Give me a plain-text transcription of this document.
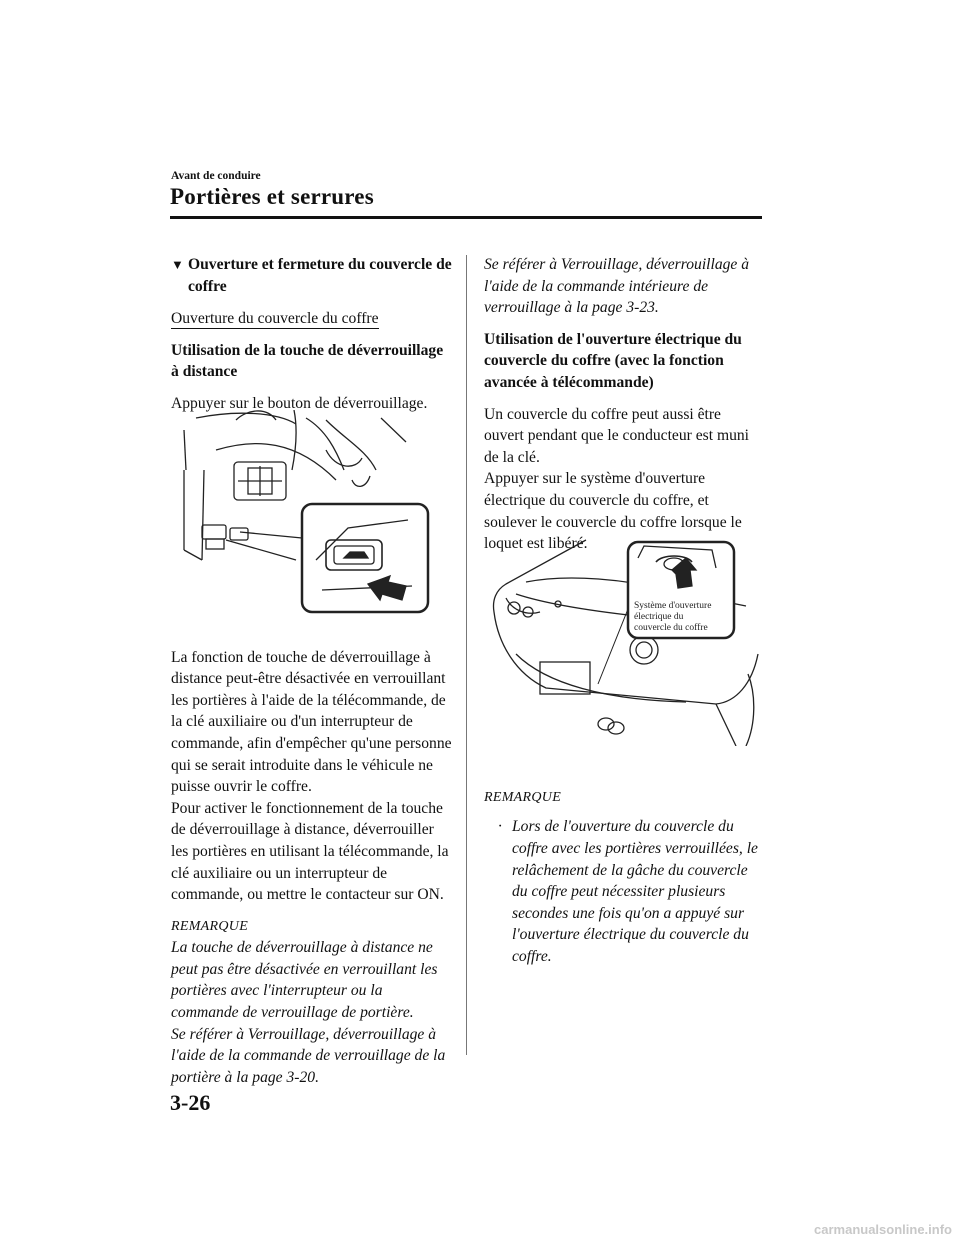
Avant de conduire
Portières et serrures
▼ Ouverture et fermeture du couvercle de coffre

Ouverture du couvercle du coffre

Utilisation de la touche de déverrouillage à distance

Appuyer sur le bouton de déverrouillage.

La fonction de touche de déverrouillage à distance peut-être désactivée en verrouillant les portières à l'aide de la télécommande, de la clé auxiliaire ou d'un interrupteur de commande, afin d'empêcher qu'une personne qui se serait introduite dans le véhicule ne puisse ouvrir le coffre.

Pour activer le fonctionnement de la touche de déverrouillage à distance, déverrouiller les portières en utilisant la télécommande, la clé auxiliaire ou un interrupteur de commande, ou mettre le contacteur sur ON.

REMARQUE

La touche de déverrouillage à distance ne peut pas être désactivée en verrouillant les portières avec l'interrupteur ou la commande de verrouillage de portière.

Se référer à Verrouillage, déverrouillage à l'aide de la commande de verrouillage de la portière à la page 3-20.

Se référer à Verrouillage, déverrouillage à l'aide de la commande intérieure de verrouillage à la page 3-23.

Utilisation de l'ouverture électrique du couvercle du coffre (avec la fonction avancée à télécommande)

Un couvercle du coffre peut aussi être ouvert pendant que le conducteur est muni de la clé.

Appuyer sur le système d'ouverture électrique du couvercle du coffre, et soulever le couvercle du coffre lorsque le loquet est libéré.

REMARQUE

· Lors de l'ouverture du couvercle du coffre avec les portières verrouillées, le relâchement de la gâche du couvercle du coffre peut nécessiter plusieurs secondes une fois qu'on a appuyé sur l'ouverture électrique du couvercle du coffre.
Système d'ouverture
électrique du
couvercle du coffre
3-26
carmanualsonline.info
